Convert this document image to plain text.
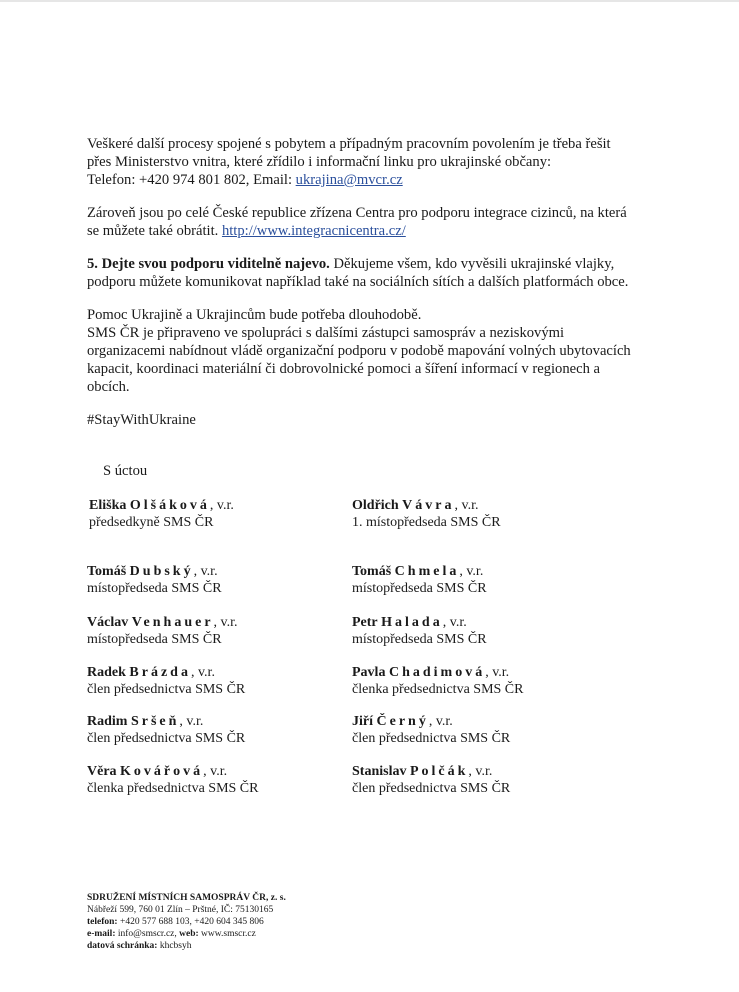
Veškeré další procesy spojené s pobytem a případným pracovním povolením je třeba řešit
přes Ministerstvo vnitra, které zřídilo i informační linku pro ukrajinské občany:
Telefon: +420 974 801 802, Email: ukrajina@mvcr.cz
Zároveň jsou po celé České republice zřízena Centra pro podporu integrace cizinců, na která
se můžete také obrátit. http://www.integracnicentra.cz/
5. Dejte svou podporu viditelně najevo. Děkujeme všem, kdo vyvěsili ukrajinské vlajky,
podporu můžete komunikovat například také na sociálních sítích a dalších platformách obce.
Pomoc Ukrajině a Ukrajincům bude potřeba dlouhodobě.
SMS ČR je připraveno ve spolupráci s dalšími zástupci samospráv a neziskovými
organizacemi nabídnout vládě organizační podporu v podobě mapování volných ubytovacích
kapacit, koordinaci materiální či dobrovolnické pomoci a šíření informací v regionech a
obcích.
#StayWithUkraine
S úctou
Eliška Olšáková, v.r.
předsedkyně SMS ČR
Oldřich Vávra, v.r.
1. místopředseda SMS ČR
Tomáš Dubský, v.r.
místopředseda SMS ČR
Tomáš Chmela, v.r.
místopředseda SMS ČR
Václav Venhauer, v.r.
místopředseda SMS ČR
Petr Halada, v.r.
místopředseda SMS ČR
Radek Brázda, v.r.
člen předsednictva SMS ČR
Pavla Chadimová, v.r.
členka předsednictva SMS ČR
Radim Sršeň, v.r.
člen předsednictva SMS ČR
Jiří Černý, v.r.
člen předsednictva SMS ČR
Věra Kovářová, v.r.
členka předsednictva SMS ČR
Stanislav Polčák, v.r.
člen předsednictva SMS ČR
SDRUŽENÍ MÍSTNÍCH SAMOSPRÁV ČR, z. s.
Nábřeží 599, 760 01 Zlín – Prštné, IČ: 75130165
telefon: +420 577 688 103, +420 604 345 806
e-mail: info@smscr.cz, web: www.smscr.cz
datová schránka: khcbsyh
